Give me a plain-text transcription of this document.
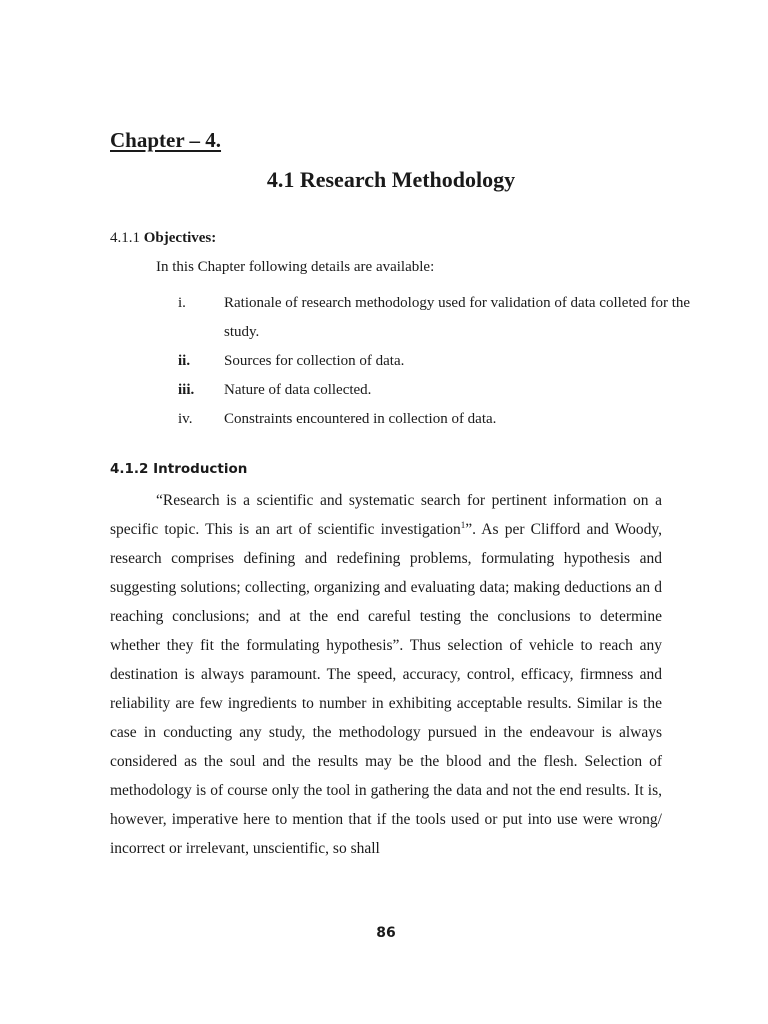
Chapter – 4.
4.1 Research Methodology
4.1.1 Objectives:
In this Chapter following details are available:
i.	Rationale of research methodology used for validation of data colleted for the study.
ii.	Sources for collection of data.
iii.	Nature of data collected.
iv.	Constraints encountered in collection of data.
4.1.2 Introduction

“Research is a scientific and systematic search for pertinent information on a specific topic. This is an art of scientific investigation$^1$”. As per Clifford and Woody, research comprises defining and redefining problems, formulating hypothesis and suggesting solutions; collecting, organizing and evaluating data; making deductions an d reaching conclusions; and at the end careful testing the conclusions to determine whether they fit the formulating hypothesis”. Thus selection of vehicle to reach any destination is always paramount. The speed, accuracy, control, efficacy, firmness and reliability are few ingredients to number in exhibiting acceptable results. Similar is the case in conducting any study, the methodology pursued in the endeavour is always considered as the soul and the results may be the blood and the flesh. Selection of methodology is of course only the tool in gathering the data and not the end results. It is, however, imperative here to mention that if the tools used or put into use were wrong/ incorrect or irrelevant, unscientific, so shall

86
